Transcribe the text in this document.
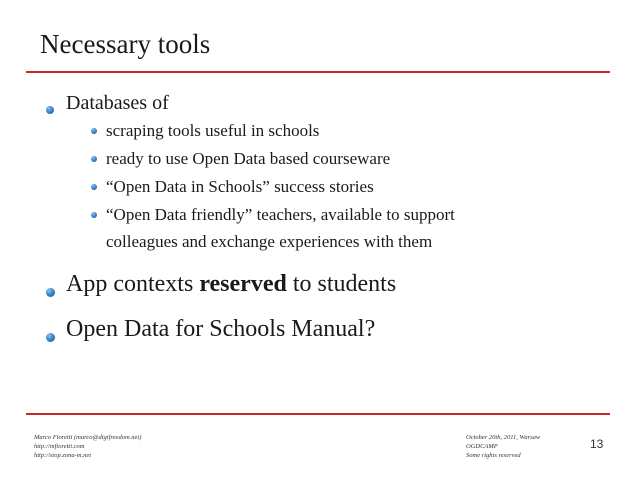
Necessary tools
Databases of
scraping tools useful in schools
ready to use Open Data based courseware
“Open Data in Schools” success stories
“Open Data friendly” teachers, available to support
colleagues and exchange experiences with them
App contexts reserved to students
Open Data for Schools Manual?
Marco Fioretti (marco@digifreedom.net)
http://mfioretti.com
http://stop.zona-m.net
October 20th, 2011, Warsaw
OGDCAMP
Some rights reserved
13
